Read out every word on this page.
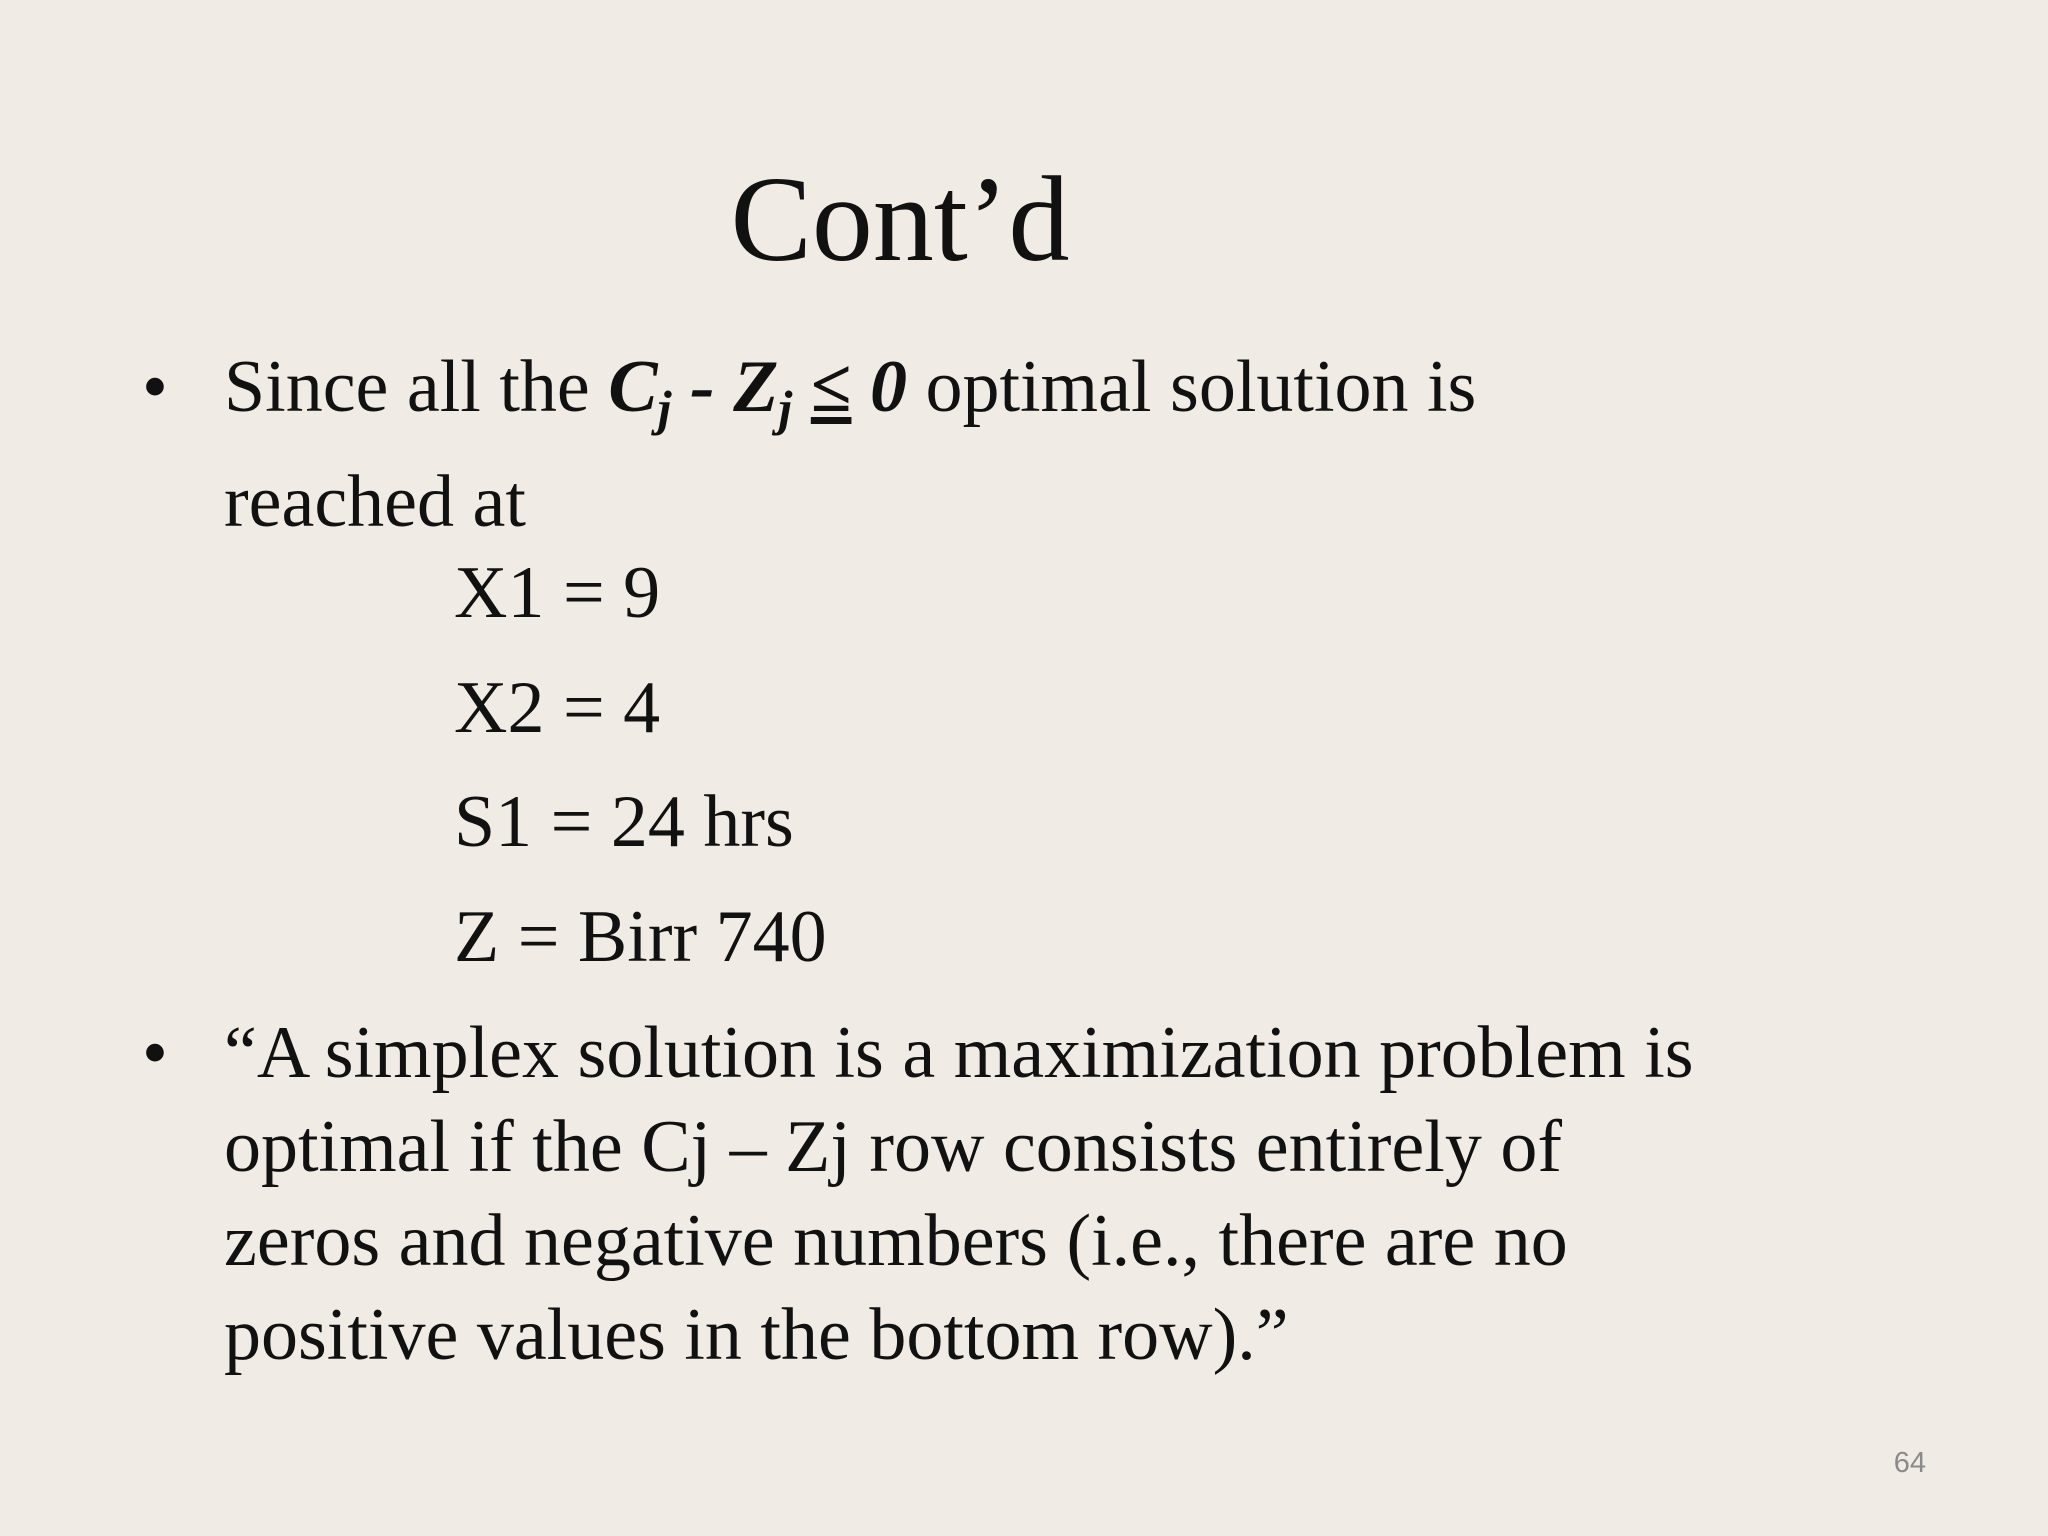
Cont’d
• Since all the $C_j - Z_j \le 0$ optimal solution is
reached at
X1 = 9
X2 = 4
S1 = 24 hrs
Z = Birr 740
• “A simplex solution is a maximization problem is
optimal if the Cj – Zj row consists entirely of
zeros and negative numbers (i.e., there are no
positive values in the bottom row).”
64
